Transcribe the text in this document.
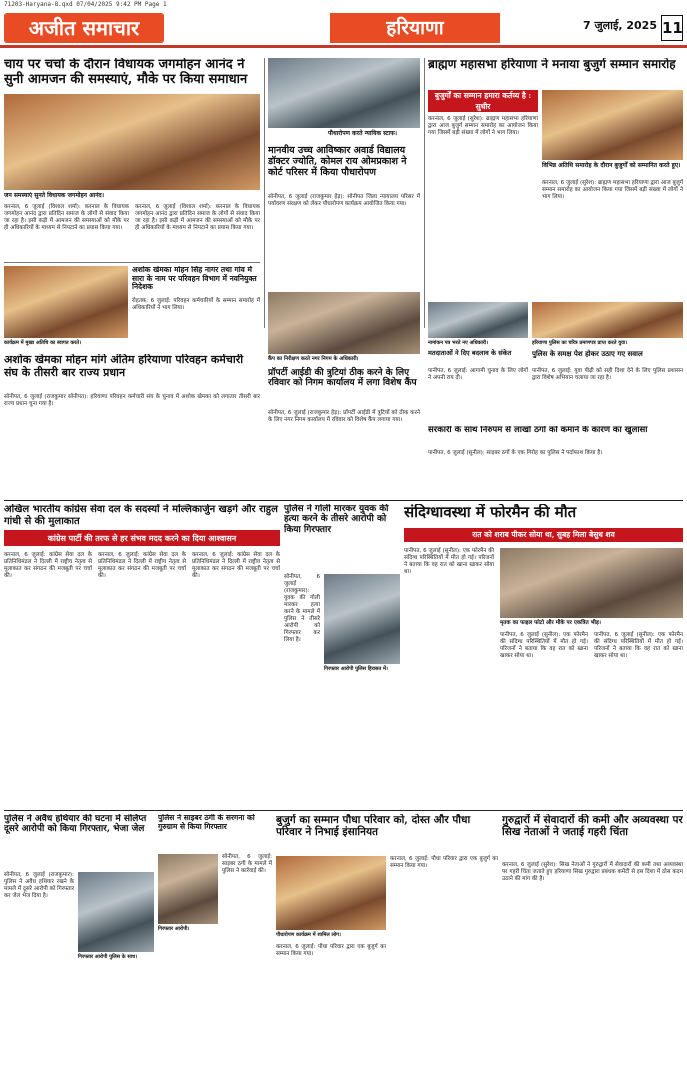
71203-Haryana-8.qxd 07/04/2025 9:42 PM Page 1
अजीत समाचार	हरियाणा	7 जुलाई, 2025 11
चाय पर चर्चा के दौरान विधायक जगमोहन आनंद ने सुनी आमजन की समस्याएं, मौके पर किया समाधान
जन समस्याएं सुनते विधायक जगमोहन आनंद।
करनाल, 6 जुलाई (विशाल शर्मा): करनाल के विधायक जगमोहन आनंद द्वारा प्रतिदिन समाज के लोगों से संवाद किया जा रहा है। इसी कड़ी में आमजन की समस्याओं को मौके पर ही अधिकारियों के माध्यम से निपटाने का प्रयास किया गया।
करनाल, 6 जुलाई (विशाल शर्मा): करनाल के विधायक जगमोहन आनंद द्वारा प्रतिदिन समाज के लोगों से संवाद किया जा रहा है। इसी कड़ी में आमजन की समस्याओं को मौके पर ही अधिकारियों के माध्यम से निपटाने का प्रयास किया गया।
पौधारोपण करते न्यायिक स्टाफ।
मानवीय उच्च आविष्कार अवार्ड विद्यालय डॉक्टर ज्योति, कोमल राय ओमप्रकाश ने कोर्ट परिसर में किया पौधारोपण
सोनीपत, 6 जुलाई (राजकुमार हेड़): सोनीपत जिला न्यायालय परिसर में पर्यावरण संरक्षण को लेकर पौधारोपण कार्यक्रम आयोजित किया गया।
ब्राह्मण महासभा हरियाणा ने मनाया बुजुर्ग सम्मान समारोह
बुजुर्गों का सम्मान हमारा कर्तव्य है : सुधीर
करनाल, 6 जुलाई (सुरेश): ब्राह्मण महासभा हरियाणा द्वारा आज बुजुर्ग सम्मान समारोह का आयोजन किया गया जिसमें बड़ी संख्या में लोगों ने भाग लिया।
विभिन्न अतिथि समारोह के दौरान बुजुर्गों को सम्मानित करते हुए।
करनाल, 6 जुलाई (सुरेश): ब्राह्मण महासभा हरियाणा द्वारा आज बुजुर्ग सम्मान समारोह का आयोजन किया गया जिसमें बड़ी संख्या में लोगों ने भाग लिया।
कार्यक्रम में मुख्य अतिथि का स्वागत करते।
अशोक खेमका मोहन सिंह नागर तथा गांव में सारा के नाम पर परिवहन विभाग में नवनियुक्त निदेशक
रोहतक, 6 जुलाई: परिवहन कर्मचारियों के सम्मान समारोह में अधिकारियों ने भाग लिया।
अशोक खेमका मोहन मांगे अंतिम हरियाणा परिवहन कर्मचारी संघ के तीसरी बार राज्य प्रधान
सोनीपत, 6 जुलाई (राजकुमार सोनीपत): हरियाणा परिवहन कर्मचारी संघ के चुनाव में अशोक खेमका को लगातार तीसरी बार राज्य प्रधान चुना गया है।
कैंप का निरीक्षण करते नगर निगम के अधिकारी।
प्रॉपर्टी आईडी की त्रुटियां ठीक करने के लिए रविवार को निगम कार्यालय में लगा विशेष कैंप
सोनीपत, 6 जुलाई (राजकुमार हेड़): प्रॉपर्टी आईडी में त्रुटियों को ठीक करने के लिए नगर निगम कार्यालय में रविवार को विशेष कैंप लगाया गया।
नामांकन पत्र भरते नए अधिकारी।
मतदाताओं ने दिए बदलाव के संकेत
पानीपत, 6 जुलाई: आगामी चुनाव के लिए लोगों ने अपनी राय दी।
हरियाणा पुलिस का चरित्र प्रमाणपत्र प्राप्त करते युवा।
पुलिस के समक्ष पेश होकर उठाए गए सवाल
पानीपत, 6 जुलाई: युवा पीढ़ी को सही दिशा देने के लिए पुलिस प्रशासन द्वारा विशेष अभियान चलाया जा रहा है।
सरकारी के साथ निरुपम से लाखों ठगों को कमाने के कारण का खुलासा
पानीपत, 6 जुलाई (सुनील): साइबर ठगों के एक गिरोह का पुलिस ने पर्दाफाश किया है।
अखिल भारतीय कांग्रेस सेवा दल के सदस्यों ने मल्लिकार्जुन खड़गे और राहुल गांधी से की मुलाकात
कांग्रेस पार्टी की तरफ से हर संभव मदद करने का दिया आश्वासन
करनाल, 6 जुलाई: कांग्रेस सेवा दल के प्रतिनिधिमंडल ने दिल्ली में राष्ट्रीय नेतृत्व से मुलाकात कर संगठन की मजबूती पर चर्चा की।
करनाल, 6 जुलाई: कांग्रेस सेवा दल के प्रतिनिधिमंडल ने दिल्ली में राष्ट्रीय नेतृत्व से मुलाकात कर संगठन की मजबूती पर चर्चा की।
करनाल, 6 जुलाई: कांग्रेस सेवा दल के प्रतिनिधिमंडल ने दिल्ली में राष्ट्रीय नेतृत्व से मुलाकात कर संगठन की मजबूती पर चर्चा की।
पुलिस ने गोली मारकर युवक की हत्या करने के तीसरे आरोपी को किया गिरफ्तार
गिरफ्तार आरोपी पुलिस हिरासत में।
सोनीपत, 6 जुलाई (राजकुमार): युवक की गोली मारकर हत्या करने के मामले में पुलिस ने तीसरे आरोपी को गिरफ्तार कर लिया है।
संदिग्धावस्था में फोरमैन की मौत
रात को शराब पीकर सोया था, सुबह मिला बेसुध शव
पानीपत, 6 जुलाई (सुनील): एक फोरमैन की संदिग्ध परिस्थितियों में मौत हो गई। परिजनों ने बताया कि वह रात को खाना खाकर सोया था।
मृतक का फाइल फोटो और मौके पर एकत्रित भीड़।
पानीपत, 6 जुलाई (सुनील): एक फोरमैन की संदिग्ध परिस्थितियों में मौत हो गई। परिजनों ने बताया कि वह रात को खाना खाकर सोया था।
पानीपत, 6 जुलाई (सुनील): एक फोरमैन की संदिग्ध परिस्थितियों में मौत हो गई। परिजनों ने बताया कि वह रात को खाना खाकर सोया था।
पुलिस ने अवैध हथियार की घटना में संलिप्त दूसरे आरोपी को किया गिरफ्तार, भेजा जेल
गिरफ्तार आरोपी पुलिस के साथ।
सोनीपत, 6 जुलाई (राजकुमार): पुलिस ने अवैध हथियार रखने के मामले में दूसरे आरोपी को गिरफ्तार कर जेल भेज दिया है।
पुलिस ने साइबर ठगी के सरगना को गुरुग्राम से किया गिरफ्तार
गिरफ्तार आरोपी।
सोनीपत, 6 जुलाई: साइबर ठगी के मामले में पुलिस ने कार्रवाई की।
बुजुर्ग का सम्मान पौधा परिवार को, दोस्त और पौधा परिवार ने निभाई इंसानियत
पौधारोपण कार्यक्रम में शामिल लोग।
करनाल, 6 जुलाई: पौधा परिवार द्वारा एक बुजुर्ग का सम्मान किया गया।
करनाल, 6 जुलाई: पौधा परिवार द्वारा एक बुजुर्ग का सम्मान किया गया।
गुरुद्वारों में सेवादारों की कमी और अव्यवस्था पर सिख नेताओं ने जताई गहरी चिंता
करनाल, 6 जुलाई (सुरेश): सिख नेताओं ने गुरुद्वारों में सेवादारों की कमी तथा अव्यवस्था पर गहरी चिंता जताते हुए हरियाणा सिख गुरुद्वारा प्रबंधक कमेटी से इस दिशा में ठोस कदम उठाने की मांग की है।
